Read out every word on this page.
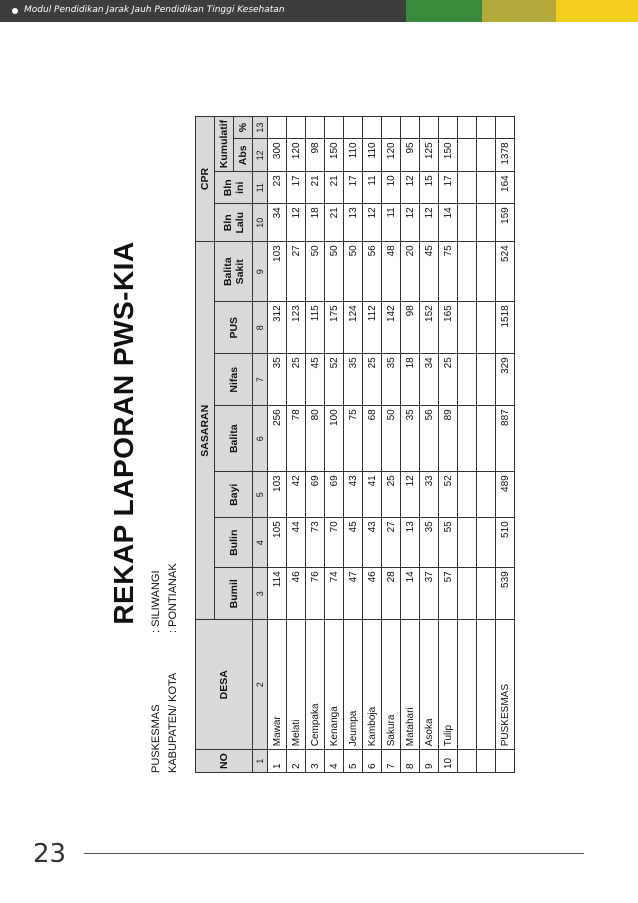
Modul Pendidikan Jarak Jauh Pendidikan Tinggi Kesehatan
REKAP LAPORAN PWS-KIA
PUSKESMAS
: SILIWANGI
KABUPATEN/ KOTA
: PONTIANAK
NO	DESA	SASARAN							CPR			
		Bumil	Bulin	Bayi	Balita	Nifas	PUS	Balita Sakit	Bln Lalu	Bln ini	Kumulatif	
											Abs	%
1	2	3	4	5	6	7	8	9	10	11	12	13
1	Mawar	114	105	103	256	35	312	103	34	23	300	
2	Melati	46	44	42	78	25	123	27	12	17	120	
3	Cempaka	76	73	69	80	45	115	50	18	21	98	
4	Kenanga	74	70	69	100	52	175	50	21	21	150	
5	Jeumpa	47	45	43	75	35	124	50	13	17	110	
6	Kamboja	46	43	41	68	25	112	56	12	11	110	
7	Sakura	28	27	25	50	35	142	48	11	10	120	
8	Matahari	14	13	12	35	18	98	20	12	12	95	
9	Asoka	37	35	33	56	34	152	45	12	15	125	
10	Tulip	57	55	52	89	25	165	75	14	17	150	

	PUSKESMAS	539	510	489	887	329	1518	524	159	164	1378	
23
